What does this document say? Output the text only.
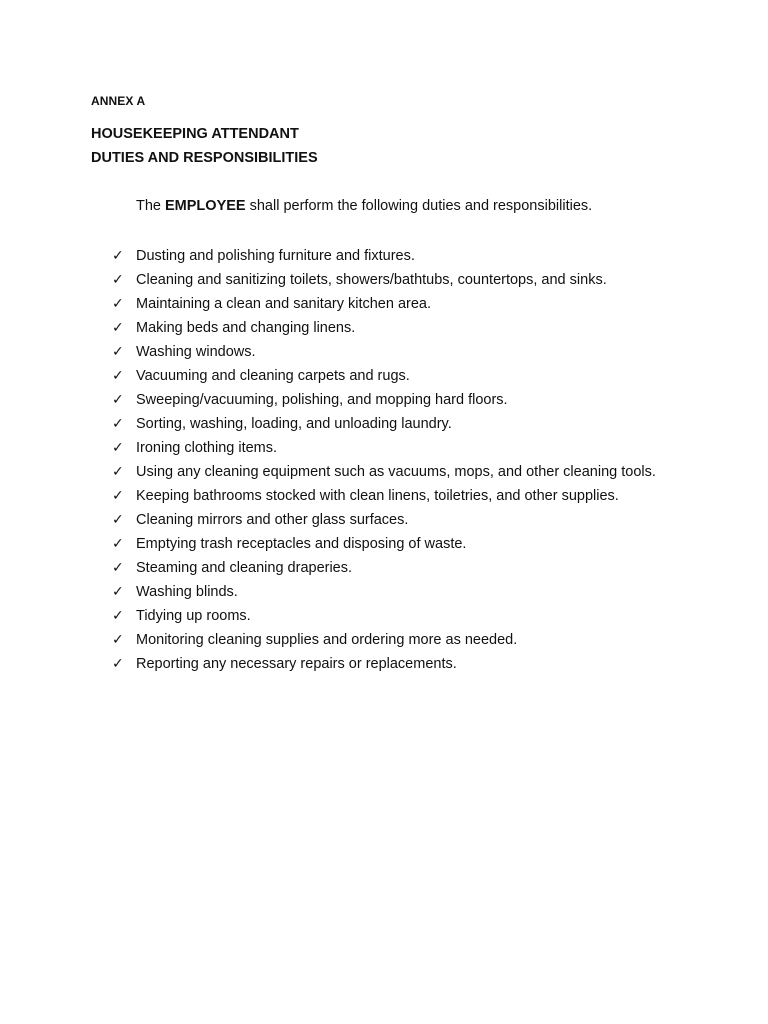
ANNEX A
HOUSEKEEPING ATTENDANT
DUTIES AND RESPONSIBILITIES
The EMPLOYEE shall perform the following duties and responsibilities.
✓ Dusting and polishing furniture and fixtures.
✓ Cleaning and sanitizing toilets, showers/bathtubs, countertops, and sinks.
✓ Maintaining a clean and sanitary kitchen area.
✓ Making beds and changing linens.
✓ Washing windows.
✓ Vacuuming and cleaning carpets and rugs.
✓ Sweeping/vacuuming, polishing, and mopping hard floors.
✓ Sorting, washing, loading, and unloading laundry.
✓ Ironing clothing items.
✓ Using any cleaning equipment such as vacuums, mops, and other cleaning tools.
✓ Keeping bathrooms stocked with clean linens, toiletries, and other supplies.
✓ Cleaning mirrors and other glass surfaces.
✓ Emptying trash receptacles and disposing of waste.
✓ Steaming and cleaning draperies.
✓ Washing blinds.
✓ Tidying up rooms.
✓ Monitoring cleaning supplies and ordering more as needed.
✓ Reporting any necessary repairs or replacements.
